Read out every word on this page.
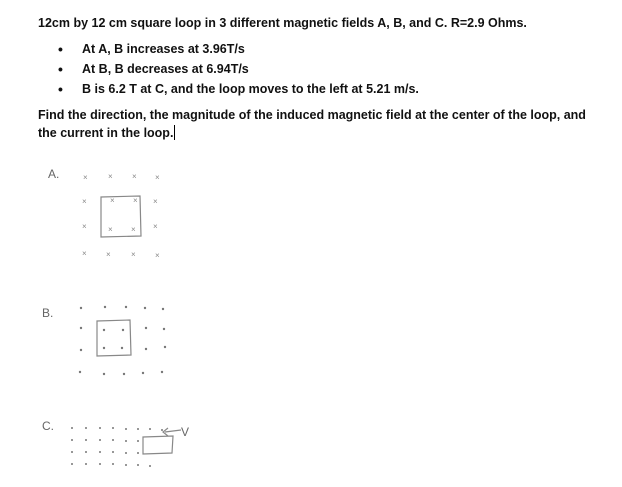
12cm by 12 cm square loop in 3 different magnetic fields A, B, and C. R=2.9 Ohms.

• At A, B increases at 3.96T/s
• At B, B decreases at 6.94T/s
• B is 6.2 T at C, and the loop moves to the left at 5.21 m/s.

Find the direction, the magnitude of the induced magnetic field at the center of the loop, and the current in the loop.

A.	×	× × ×
×	× × ×
×	× × ×
× ×	× ×
B.
C.	V
